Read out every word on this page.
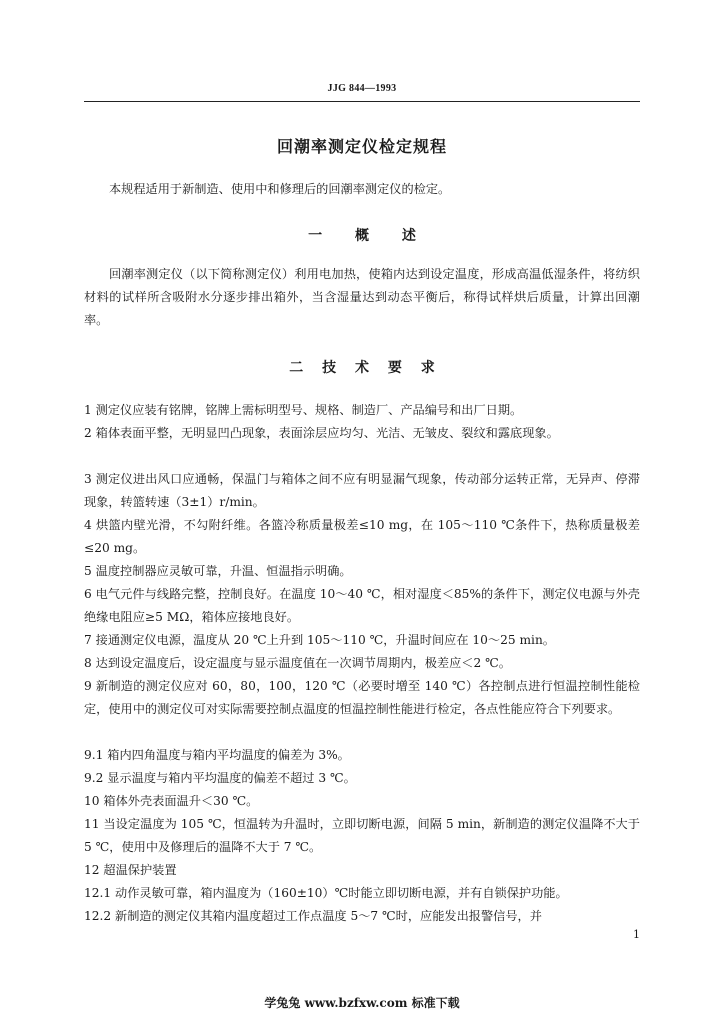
JJG 844—1993
回潮率测定仪检定规程
本规程适用于新制造、使用中和修理后的回潮率测定仪的检定。
一 概 述
回潮率测定仪（以下简称测定仪）利用电加热，使箱内达到设定温度，形成高温低湿条件，将纺织材料的试样所含吸附水分逐步排出箱外，当含湿量达到动态平衡后，称得试样烘后质量，计算出回潮率。
二 技 术 要 求
1 测定仪应装有铭牌，铭牌上需标明型号、规格、制造厂、产品编号和出厂日期。
2 箱体表面平整，无明显凹凸现象，表面涂层应均匀、光洁、无皱皮、裂纹和露底现象。
3 测定仪进出风口应通畅，保温门与箱体之间不应有明显漏气现象，传动部分运转正常，无异声、停滞现象，转篮转速（3±1）r/min。
4 烘篮内壁光滑，不勾附纤维。各篮冷称质量极差≤10 mg，在 105～110 ℃条件下，热称质量极差≤20 mg。
5 温度控制器应灵敏可靠，升温、恒温指示明确。
6 电气元件与线路完整，控制良好。在温度 10～40 ℃，相对湿度＜85%的条件下，测定仪电源与外壳绝缘电阻应≥5 MΩ，箱体应接地良好。
7 接通测定仪电源，温度从 20 ℃上升到 105～110 ℃，升温时间应在 10～25 min。
8 达到设定温度后，设定温度与显示温度值在一次调节周期内，极差应＜2 ℃。
9 新制造的测定仪应对 60，80，100，120 ℃（必要时增至 140 ℃）各控制点进行恒温控制性能检定，使用中的测定仪可对实际需要控制点温度的恒温控制性能进行检定，各点性能应符合下列要求。
9.1 箱内四角温度与箱内平均温度的偏差为 3%。
9.2 显示温度与箱内平均温度的偏差不超过 3 ℃。
10 箱体外壳表面温升＜30 ℃。
11 当设定温度为 105 ℃，恒温转为升温时，立即切断电源，间隔 5 min，新制造的测定仪温降不大于 5 ℃，使用中及修理后的温降不大于 7 ℃。
12 超温保护装置
12.1 动作灵敏可靠，箱内温度为（160±10）℃时能立即切断电源，并有自锁保护功能。
12.2 新制造的测定仪其箱内温度超过工作点温度 5～7 ℃时，应能发出报警信号，并
1
学兔兔 www.bzfxw.com 标准下载
